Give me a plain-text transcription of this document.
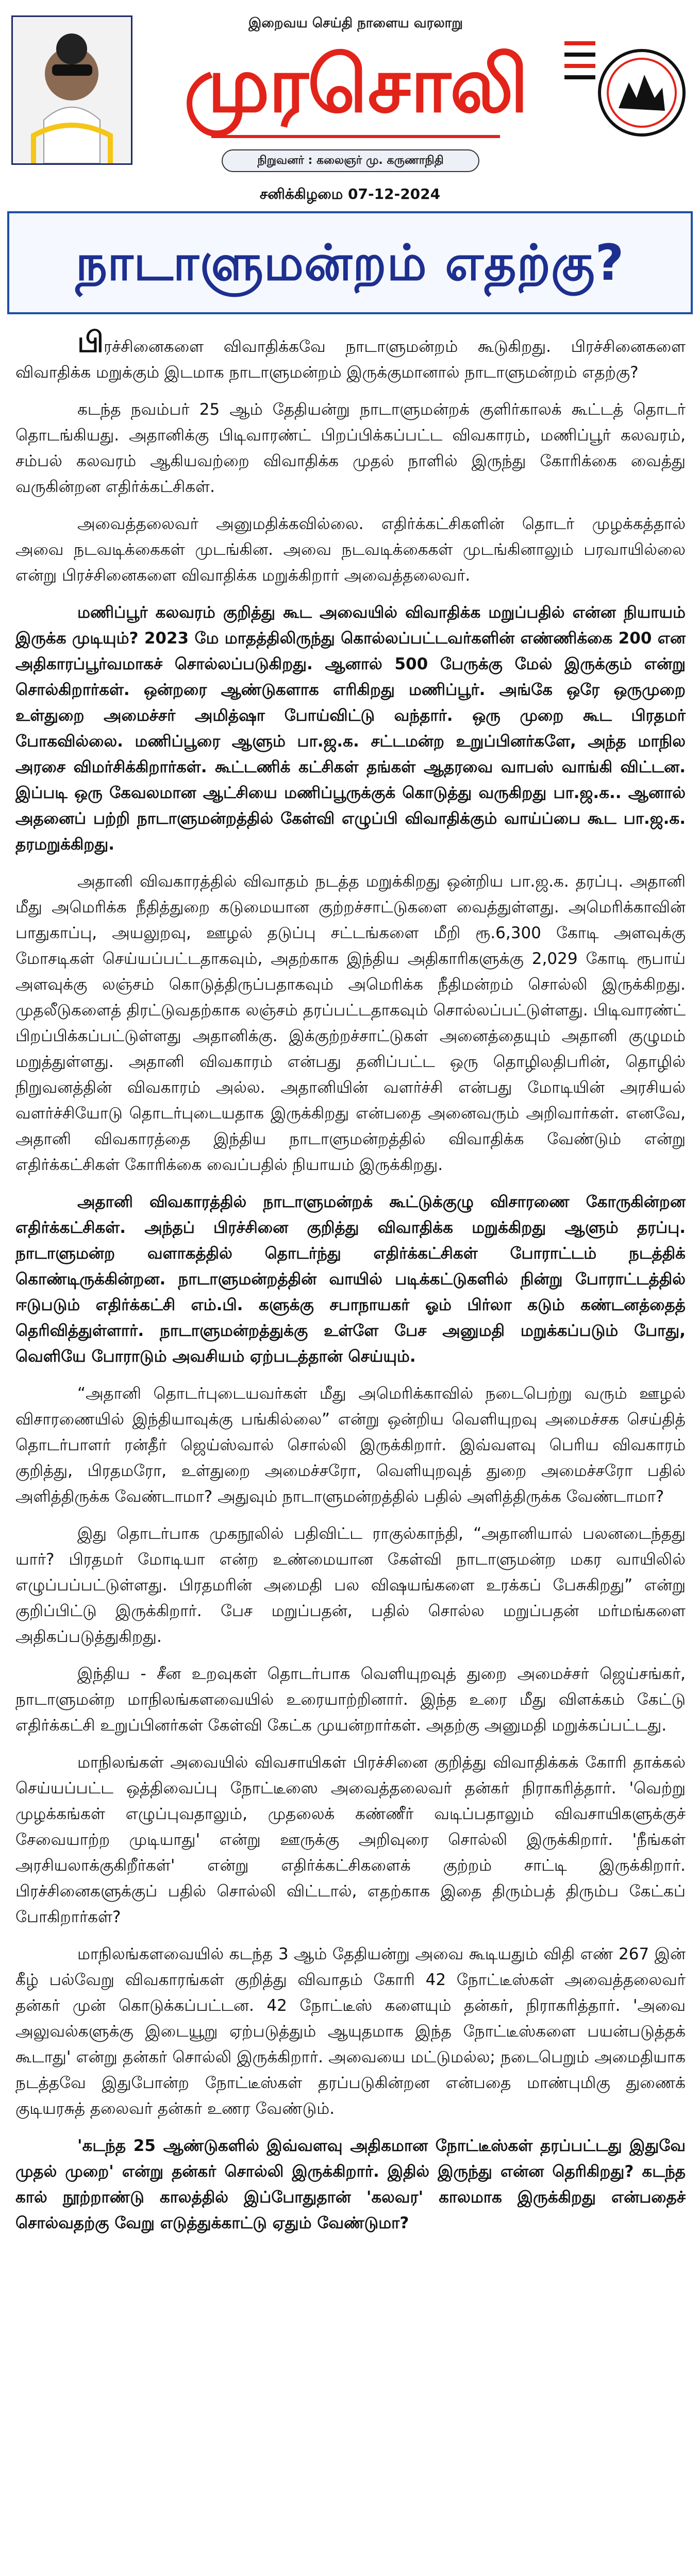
இறைவய செய்தி நாளைய வரலாறு
முரசொலி
நிறுவனர் : கலைஞர் மு. கருணாநிதி
சனிக்கிழமை 07-12-2024
நாடாளுமன்றம் எதற்கு?

பிரச்சினைகளை விவாதிக்கவே நாடாளுமன்றம் கூடுகிறது. பிரச்சினைகளை விவாதிக்க மறுக்கும் இடமாக நாடாளுமன்றம் இருக்குமானால் நாடாளுமன்றம் எதற்கு?

கடந்த நவம்பர் 25 ஆம் தேதியன்று நாடாளுமன்றக் குளிர்காலக் கூட்டத் தொடர் தொடங்கியது. அதானிக்கு பிடிவாரண்ட் பிறப்பிக்கப்பட்ட விவகாரம், மணிப்பூர் கலவரம், சம்பல் கலவரம் ஆகியவற்றை விவாதிக்க முதல் நாளில் இருந்து கோரிக்கை வைத்து வருகின்றன எதிர்க்கட்சிகள்.

அவைத்தலைவர் அனுமதிக்கவில்லை. எதிர்க்கட்சிகளின் தொடர் முழக்கத்தால் அவை நடவடிக்கைகள் முடங்கின. அவை நடவடிக்கைகள் முடங்கினாலும் பரவாயில்லை என்று பிரச்சினைகளை விவாதிக்க மறுக்கிறார் அவைத்தலைவர்.

மணிப்பூர் கலவரம் குறித்து கூட அவையில் விவாதிக்க மறுப்பதில் என்ன நியாயம் இருக்க முடியும்? 2023 மே மாதத்திலிருந்து கொல்லப்பட்டவர்களின் எண்ணிக்கை 200 என அதிகாரப்பூர்வமாகச் சொல்லப்படுகிறது. ஆனால் 500 பேருக்கு மேல் இருக்கும் என்று சொல்கிறார்கள். ஒன்றரை ஆண்டுகளாக எரிகிறது மணிப்பூர். அங்கே ஒரே ஒருமுறை உள்துறை அமைச்சர் அமித்ஷா போய்விட்டு வந்தார். ஒரு முறை கூட பிரதமர் போகவில்லை. மணிப்பூரை ஆளும் பா.ஜ.க. சட்டமன்ற உறுப்பினர்களே, அந்த மாநில அரசை விமர்சிக்கிறார்கள். கூட்டணிக் கட்சிகள் தங்கள் ஆதரவை வாபஸ் வாங்கி விட்டன. இப்படி ஒரு கேவலமான ஆட்சியை மணிப்பூருக்குக் கொடுத்து வருகிறது பா.ஜ.க.. ஆனால் அதனைப் பற்றி நாடாளுமன்றத்தில் கேள்வி எழுப்பி விவாதிக்கும் வாய்ப்பை கூட பா.ஜ.க. தரமறுக்கிறது.

அதானி விவகாரத்தில் விவாதம் நடத்த மறுக்கிறது ஒன்றிய பா.ஜ.க. தரப்பு. அதானி மீது அமெரிக்க நீதித்துறை கடுமையான குற்றச்சாட்டுகளை வைத்துள்ளது. அமெரிக்காவின் பாதுகாப்பு, அயலுறவு, ஊழல் தடுப்பு சட்டங்களை மீறி ரூ.6,300 கோடி அளவுக்கு மோசடிகள் செய்யப்பட்டதாகவும், அதற்காக இந்திய அதிகாரிகளுக்கு 2,029 கோடி ரூபாய் அளவுக்கு லஞ்சம் கொடுத்திருப்பதாகவும் அமெரிக்க நீதிமன்றம் சொல்லி இருக்கிறது. முதலீடுகளைத் திரட்டுவதற்காக லஞ்சம் தரப்பட்டதாகவும் சொல்லப்பட்டுள்ளது. பிடிவாரண்ட் பிறப்பிக்கப்பட்டுள்ளது அதானிக்கு. இக்குற்றச்சாட்டுகள் அனைத்தையும் அதானி குழுமம் மறுத்துள்ளது. அதானி விவகாரம் என்பது தனிப்பட்ட ஒரு தொழிலதிபரின், தொழில் நிறுவனத்தின் விவகாரம் அல்ல. அதானியின் வளர்ச்சி என்பது மோடியின் அரசியல் வளர்ச்சியோடு தொடர்புடையதாக இருக்கிறது என்பதை அனைவரும் அறிவார்கள். எனவே, அதானி விவகாரத்தை இந்திய நாடாளுமன்றத்தில் விவாதிக்க வேண்டும் என்று எதிர்க்கட்சிகள் கோரிக்கை வைப்பதில் நியாயம் இருக்கிறது.

அதானி விவகாரத்தில் நாடாளுமன்றக் கூட்டுக்குழு விசாரணை கோருகின்றன எதிர்க்கட்சிகள். அந்தப் பிரச்சினை குறித்து விவாதிக்க மறுக்கிறது ஆளும் தரப்பு. நாடாளுமன்ற வளாகத்தில் தொடர்ந்து எதிர்க்கட்சிகள் போராட்டம் நடத்திக் கொண்டிருக்கின்றன. நாடாளுமன்றத்தின் வாயில் படிக்கட்டுகளில் நின்று போராட்டத்தில் ஈடுபடும் எதிர்க்கட்சி எம்.பி. களுக்கு சபாநாயகர் ஓம் பிர்லா கடும் கண்டனத்தைத் தெரிவித்துள்ளார். நாடாளுமன்றத்துக்கு உள்ளே பேச அனுமதி மறுக்கப்படும் போது, வெளியே போராடும் அவசியம் ஏற்படத்தான் செய்யும்.

“அதானி தொடர்புடையவர்கள் மீது அமெரிக்காவில் நடைபெற்று வரும் ஊழல் விசாரணையில் இந்தியாவுக்கு பங்கில்லை” என்று ஒன்றிய வெளியுறவு அமைச்சக செய்தித் தொடர்பாளர் ரன்தீர் ஜெய்ஸ்வால் சொல்லி இருக்கிறார். இவ்வளவு பெரிய விவகாரம் குறித்து, பிரதமரோ, உள்துறை அமைச்சரோ, வெளியுறவுத் துறை அமைச்சரோ பதில் அளித்திருக்க வேண்டாமா? அதுவும் நாடாளுமன்றத்தில் பதில் அளித்திருக்க வேண்டாமா?

இது தொடர்பாக முகநூலில் பதிவிட்ட ராகுல்காந்தி, “அதானியால் பலனடைந்தது யார்? பிரதமர் மோடியா என்ற உண்மையான கேள்வி நாடாளுமன்ற மகர வாயிலில் எழுப்பப்பட்டுள்ளது. பிரதமரின் அமைதி பல விஷயங்களை உரக்கப் பேசுகிறது” என்று குறிப்பிட்டு இருக்கிறார். பேச மறுப்பதன், பதில் சொல்ல மறுப்பதன் மர்மங்களை அதிகப்படுத்துகிறது.

இந்திய - சீன உறவுகள் தொடர்பாக வெளியுறவுத் துறை அமைச்சர் ஜெய்சங்கர், நாடாளுமன்ற மாநிலங்களவையில் உரையாற்றினார். இந்த உரை மீது விளக்கம் கேட்டு எதிர்க்கட்சி உறுப்பினர்கள் கேள்வி கேட்க முயன்றார்கள். அதற்கு அனுமதி மறுக்கப்பட்டது.

மாநிலங்கள் அவையில் விவசாயிகள் பிரச்சினை குறித்து விவாதிக்கக் கோரி தாக்கல் செய்யப்பட்ட ஒத்திவைப்பு நோட்டீஸை அவைத்தலைவர் தன்கர் நிராகரித்தார். 'வெற்று முழக்கங்கள் எழுப்புவதாலும், முதலைக் கண்ணீர் வடிப்பதாலும் விவசாயிகளுக்குச் சேவையாற்ற முடியாது' என்று ஊருக்கு அறிவுரை சொல்லி இருக்கிறார். 'நீங்கள் அரசியலாக்குகிறீர்கள்' என்று எதிர்க்கட்சிகளைக் குற்றம் சாட்டி இருக்கிறார். பிரச்சினைகளுக்குப் பதில் சொல்லி விட்டால், எதற்காக இதை திரும்பத் திரும்ப கேட்கப் போகிறார்கள்?

மாநிலங்களவையில் கடந்த 3 ஆம் தேதியன்று அவை கூடியதும் விதி எண் 267 இன் கீழ் பல்வேறு விவகாரங்கள் குறித்து விவாதம் கோரி 42 நோட்டீஸ்கள் அவைத்தலைவர் தன்கர் முன் கொடுக்கப்பட்டன. 42 நோட்டீஸ் களையும் தன்கர், நிராகரித்தார். 'அவை அலுவல்களுக்கு இடையூறு ஏற்படுத்தும் ஆயுதமாக இந்த நோட்டீஸ்களை பயன்படுத்தக் கூடாது' என்று தன்கர் சொல்லி இருக்கிறார். அவையை மட்டுமல்ல; நடைபெறும் அமைதியாக நடத்தவே இதுபோன்ற நோட்டீஸ்கள் தரப்படுகின்றன என்பதை மாண்புமிகு துணைக் குடியரசுத் தலைவர் தன்கர் உணர வேண்டும்.

'கடந்த 25 ஆண்டுகளில் இவ்வளவு அதிகமான நோட்டீஸ்கள் தரப்பட்டது இதுவே முதல் முறை' என்று தன்கர் சொல்லி இருக்கிறார். இதில் இருந்து என்ன தெரிகிறது? கடந்த கால் நூற்றாண்டு காலத்தில் இப்போதுதான் 'கலவர' காலமாக இருக்கிறது என்பதைச் சொல்வதற்கு வேறு எடுத்துக்காட்டு ஏதும் வேண்டுமா?
